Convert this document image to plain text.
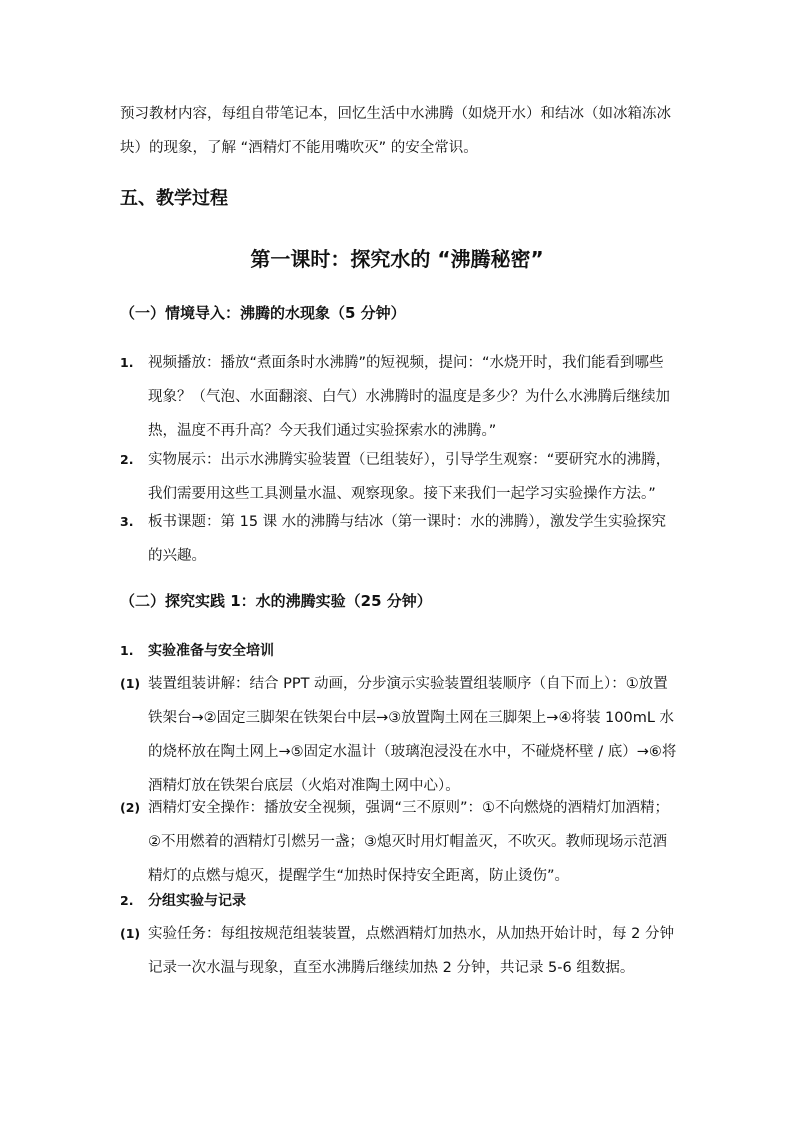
预习教材内容，每组自带笔记本，回忆生活中水沸腾（如烧开水）和结冰（如冰箱冻冰块）的现象，了解 “酒精灯不能用嘴吹灭” 的安全常识。

五、教学过程
第一课时：探究水的 “沸腾秘密”
（一）情境导入：沸腾的水现象（5 分钟）
1. 视频播放：播放“煮面条时水沸腾”的短视频，提问：“水烧开时，我们能看到哪些现象？（气泡、水面翻滚、白气）水沸腾时的温度是多少？为什么水沸腾后继续加热，温度不再升高？今天我们通过实验探索水的沸腾。”

2. 实物展示：出示水沸腾实验装置（已组装好），引导学生观察：“要研究水的沸腾，我们需要用这些工具测量水温、观察现象。接下来我们一起学习实验操作方法。”

3. 板书课题：第 15 课 水的沸腾与结冰（第一课时：水的沸腾），激发学生实验探究的兴趣。

（二）探究实践 1：水的沸腾实验（25 分钟）
1. 实验准备与安全培训

(1) 装置组装讲解：结合 PPT 动画，分步演示实验装置组装顺序（自下而上）：①放置铁架台→②固定三脚架在铁架台中层→③放置陶土网在三脚架上→④将装 100mL 水的烧杯放在陶土网上→⑤固定水温计（玻璃泡浸没在水中，不碰烧杯壁 / 底）→⑥将酒精灯放在铁架台底层（火焰对准陶土网中心）。

(2) 酒精灯安全操作：播放安全视频，强调“三不原则”：①不向燃烧的酒精灯加酒精；②不用燃着的酒精灯引燃另一盏；③熄灭时用灯帽盖灭，不吹灭。教师现场示范酒精灯的点燃与熄灭，提醒学生“加热时保持安全距离，防止烫伤”。

2. 分组实验与记录

(1) 实验任务：每组按规范组装装置，点燃酒精灯加热水，从加热开始计时，每 2 分钟记录一次水温与现象，直至水沸腾后继续加热 2 分钟，共记录 5-6 组数据。
